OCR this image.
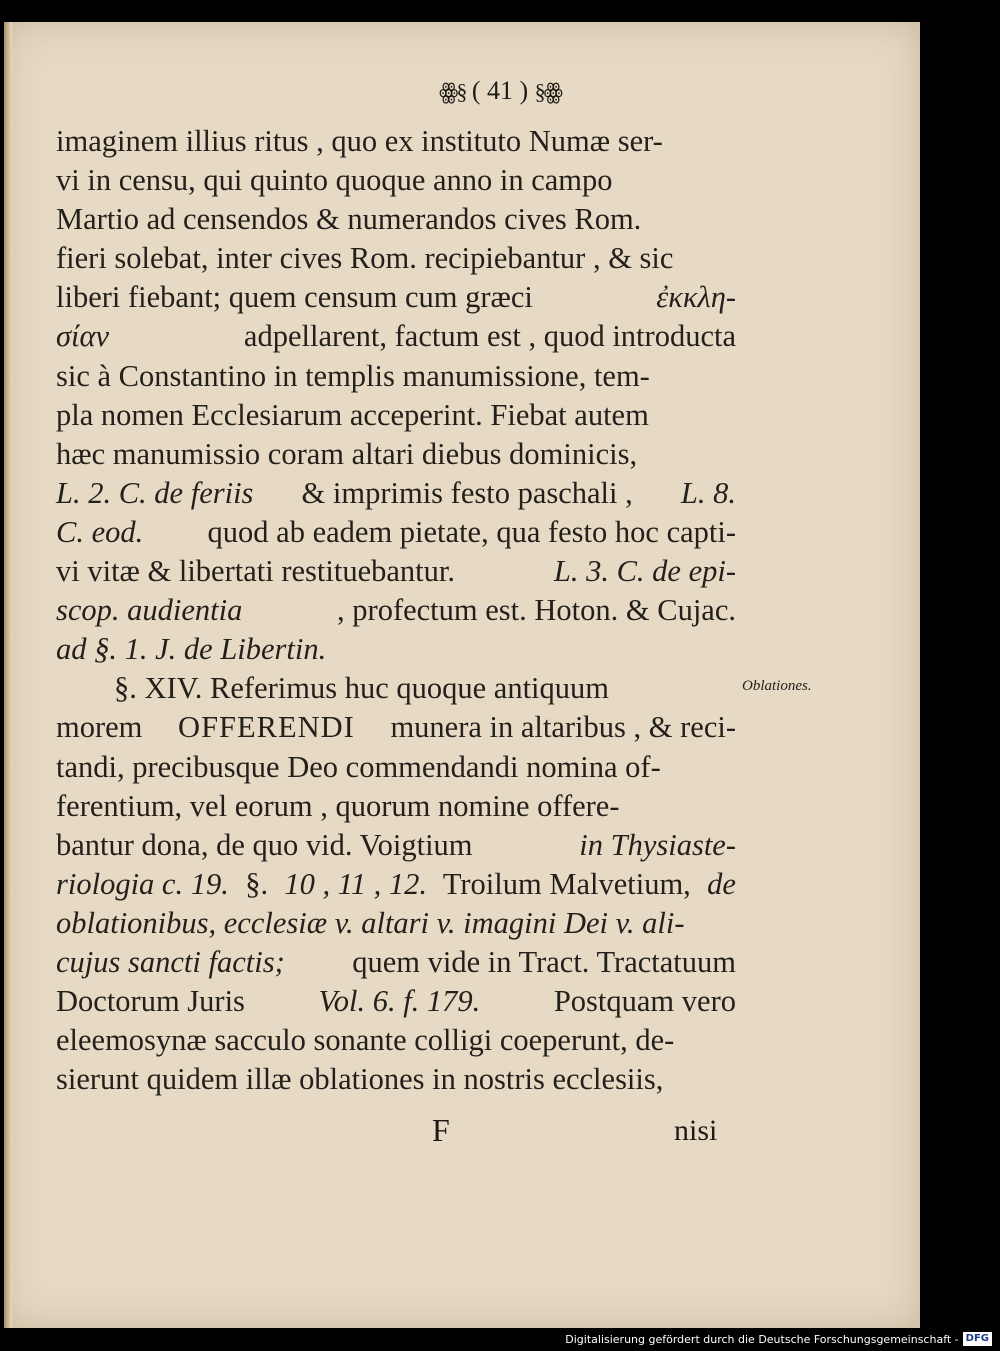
ꙮ§ ( 41 ) §ꙮ
imaginem illius ritus , quo ex instituto Numæ ser-
vi in censu, qui quinto quoque anno in campo
Martio ad censendos & numerandos cives Rom.
fieri solebat, inter cives Rom. recipiebantur , & sic
liberi fiebant; quem censum cum græci	ἐκκλη-
σίαν	adpellarent, factum est , quod introducta
sic à Constantino in templis manumissione, tem-
pla nomen Ecclesiarum acceperint. Fiebat autem
hæc manumissio coram altari diebus dominicis,
L. 2. C. de feriis & imprimis festo paschali , L. 8.
C. eod. quod ab eadem pietate, qua festo hoc capti-
vi vitæ & libertati restituebantur.	L. 3. C. de epi-
scop. audientia	, profectum est. Hoton. & Cujac.
ad §. 1. J. de Libertin.
§. XIV. Referimus huc quoque antiquum
morem OFFERENDI munera in altaribus , & reci-
tandi, precibusque Deo commendandi nomina of-
ferentium, vel eorum , quorum nomine offere-
bantur dona, de quo vid. Voigtium	in Thysiaste-
riologia c. 19. §. 10 , 11 , 12. Troilum Malvetium, de
oblationibus, ecclesiæ v. altari v. imagini Dei v. ali-
cujus sancti factis; quem vide in Tract. Tractatuum
Doctorum Juris Vol. 6. f. 179. Postquam vero
eleemosynæ sacculo sonante colligi coeperunt, de-
sierunt quidem illæ oblationes in nostris ecclesiis,
Oblationes.
F	nisi
Digitalisierung gefördert durch die Deutsche Forschungsgemeinschaft - DFG
